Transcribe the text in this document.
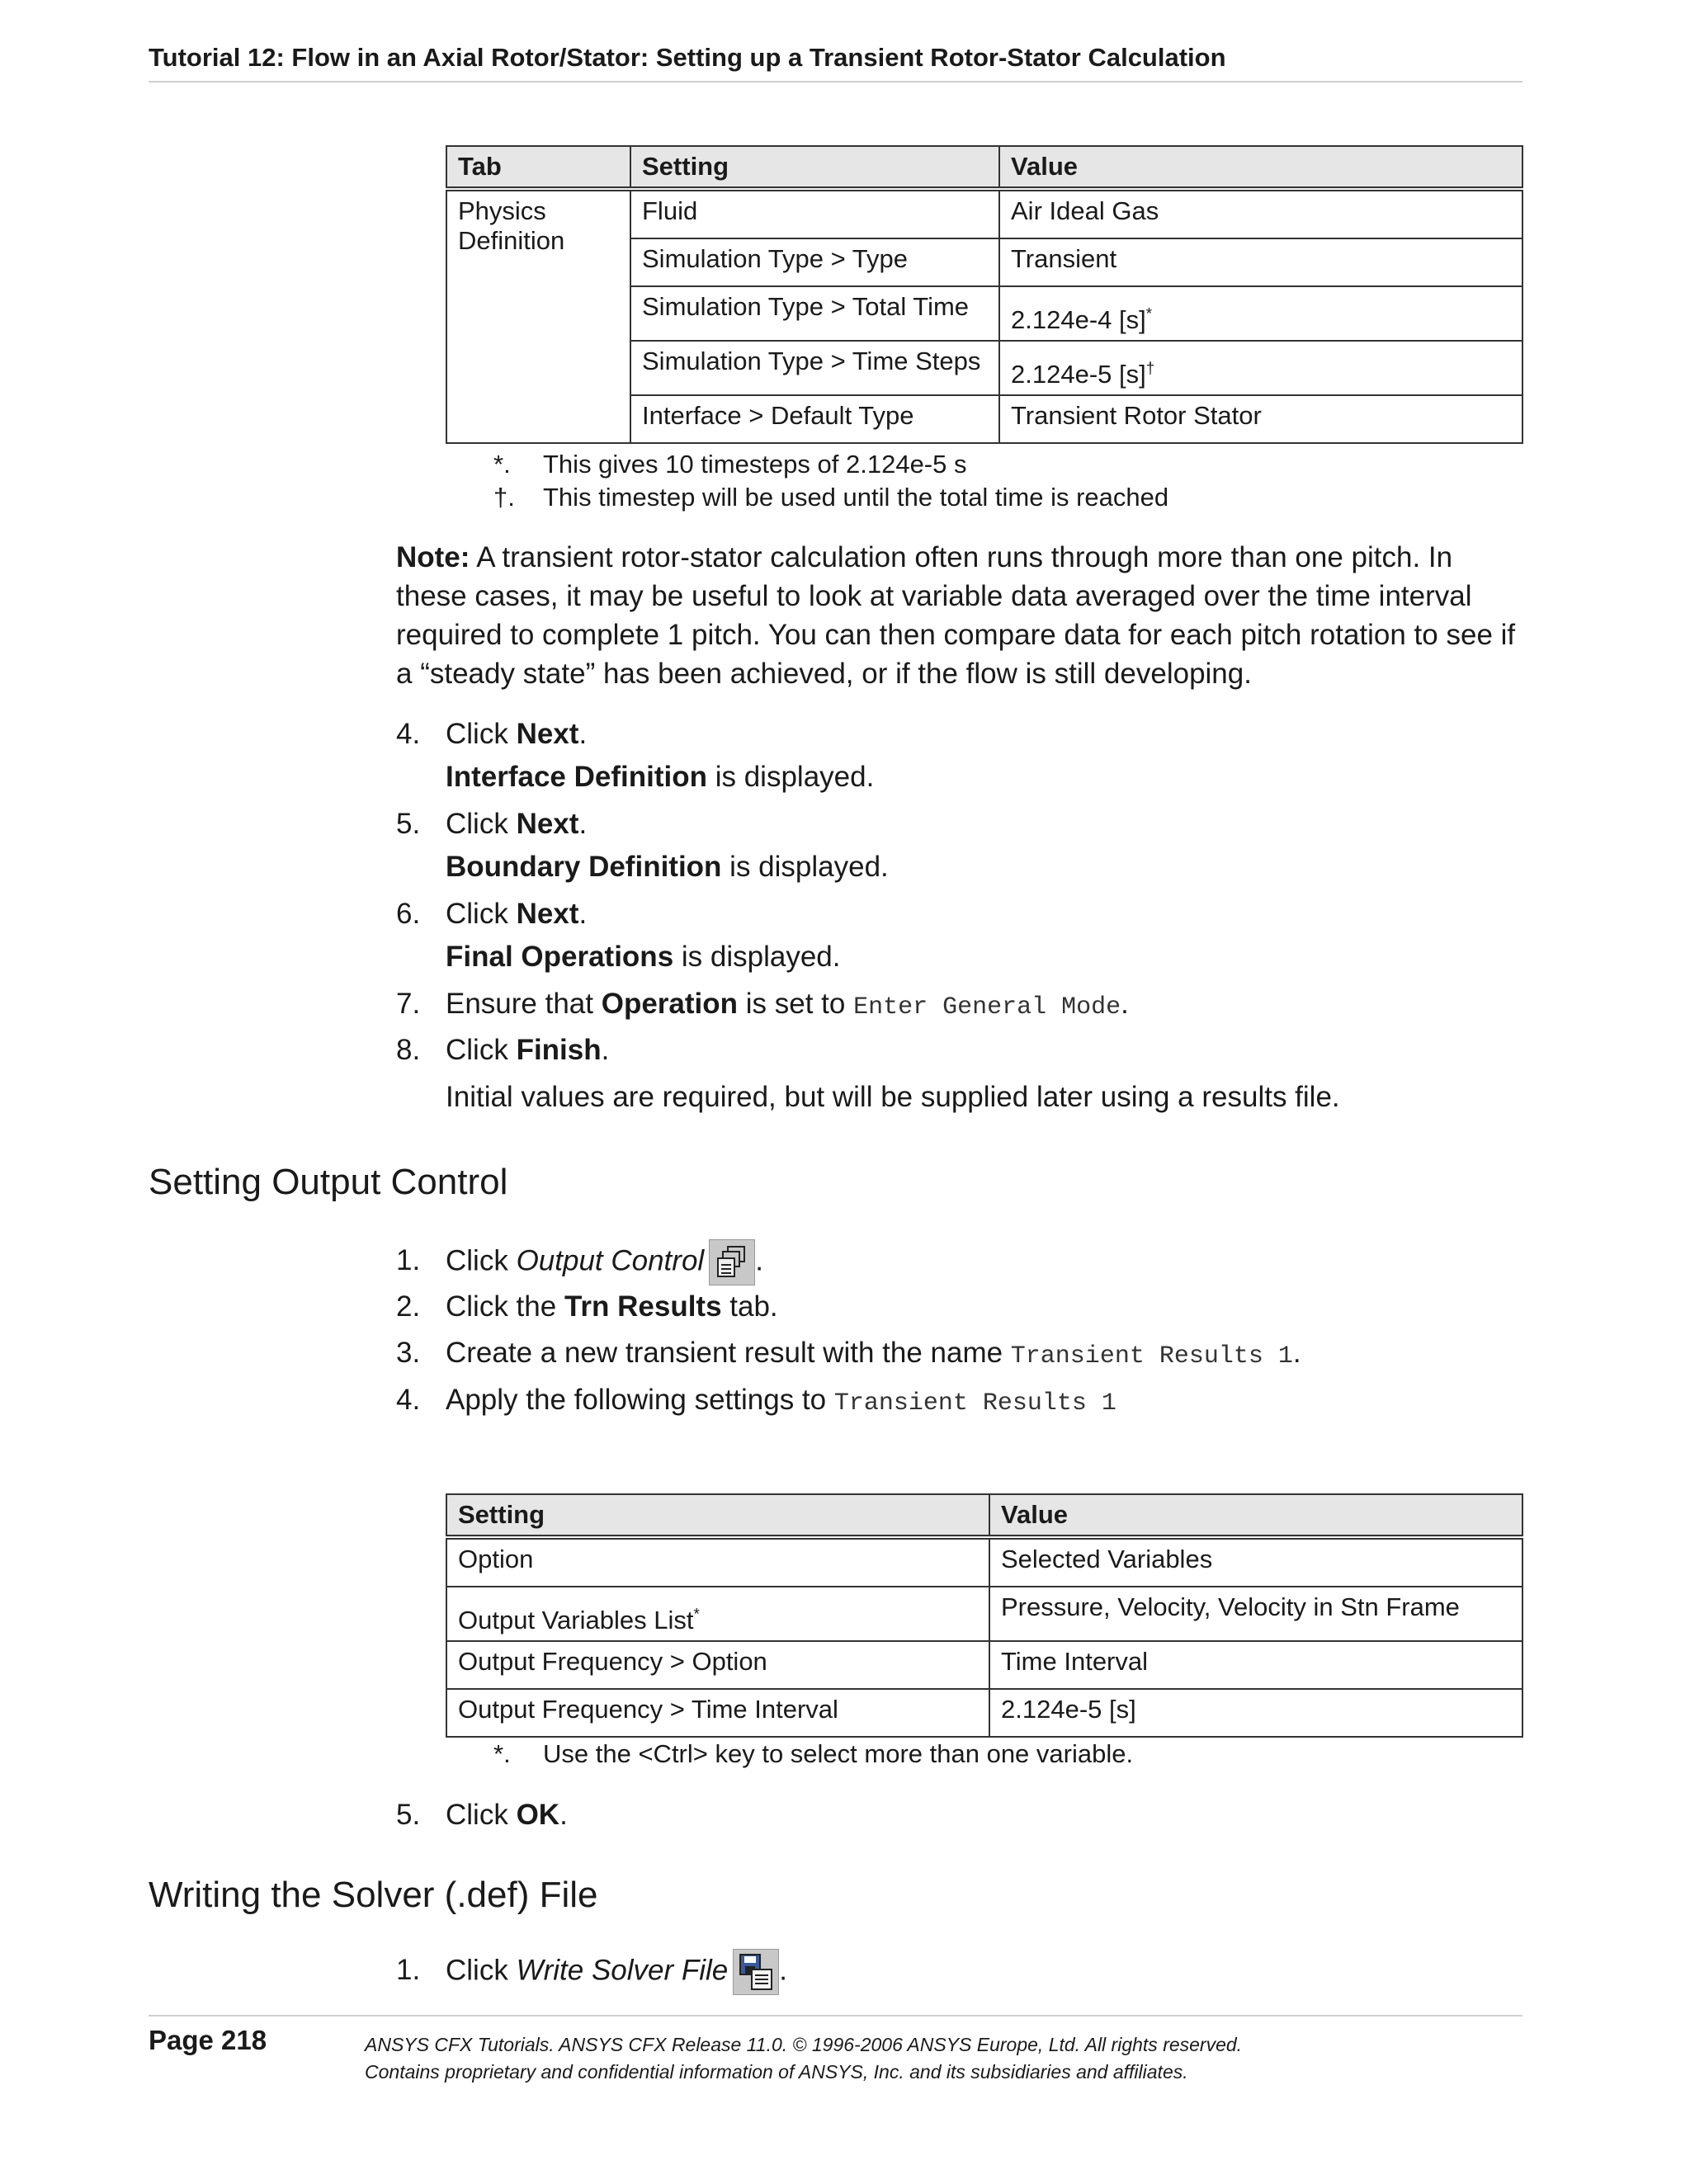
Tutorial 12: Flow in an Axial Rotor/Stator: Setting up a Transient Rotor-Stator Calculation
Tab	Setting	Value
Physics Definition	Fluid	Air Ideal Gas
	Simulation Type > Type	Transient
	Simulation Type > Total Time	2.124e-4 [s]*
	Simulation Type > Time Steps	2.124e-5 [s]†
	Interface > Default Type	Transient Rotor Stator
*.	This gives 10 timesteps of 2.124e-5 s
†.	This timestep will be used until the total time is reached
Note: A transient rotor-stator calculation often runs through more than one pitch. In these cases, it may be useful to look at variable data averaged over the time interval required to complete 1 pitch. You can then compare data for each pitch rotation to see if a “steady state” has been achieved, or if the flow is still developing.
4. Click Next.
Interface Definition is displayed.
5. Click Next.
Boundary Definition is displayed.
6. Click Next.
Final Operations is displayed.
7. Ensure that Operation is set to Enter General Mode.
8. Click Finish.
Initial values are required, but will be supplied later using a results file.
Setting Output Control
1. Click Output Control .
2. Click the Trn Results tab.
3. Create a new transient result with the name Transient Results 1.
4. Apply the following settings to Transient Results 1
Setting	Value
Option	Selected Variables
Output Variables List*	Pressure, Velocity, Velocity in Stn Frame
Output Frequency > Option	Time Interval
Output Frequency > Time Interval	2.124e-5 [s]
*.	Use the <Ctrl> key to select more than one variable.
5. Click OK.
Writing the Solver (.def) File
1. Click Write Solver File .
Page 218	ANSYS CFX Tutorials. ANSYS CFX Release 11.0. © 1996-2006 ANSYS Europe, Ltd. All rights reserved.
Contains proprietary and confidential information of ANSYS, Inc. and its subsidiaries and affiliates.
